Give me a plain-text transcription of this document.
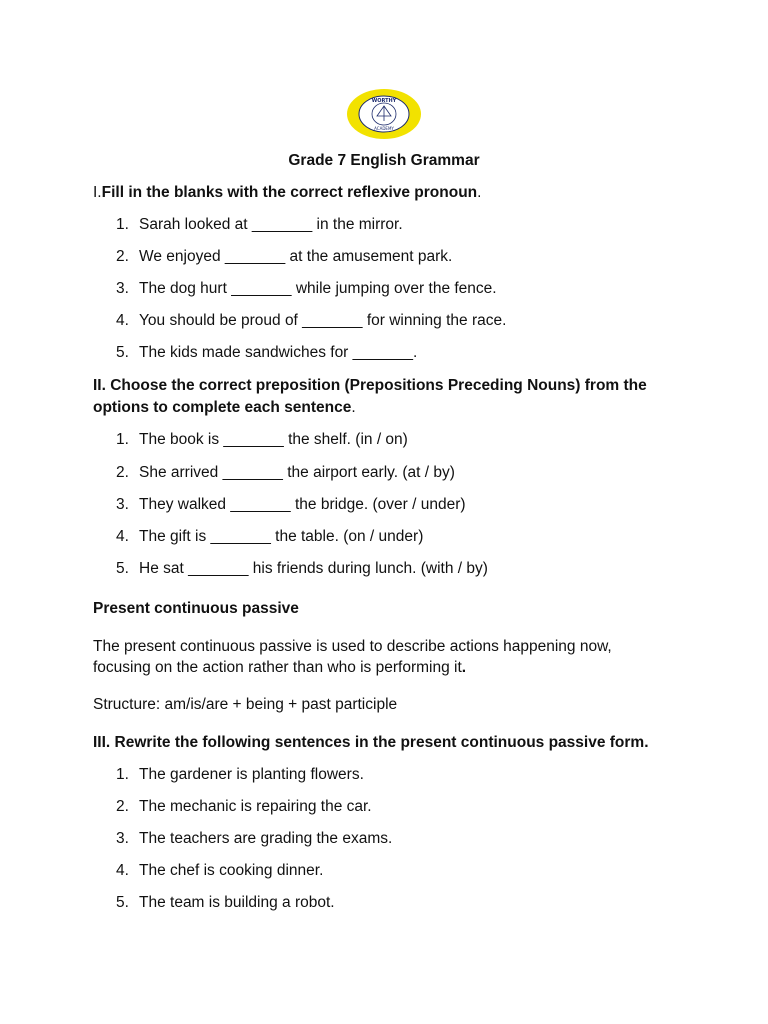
WORTHY
ACADEMY
Grade 7 English Grammar
I.Fill in the blanks with the correct reflexive pronoun.
1. Sarah looked at _______ in the mirror.
2. We enjoyed _______ at the amusement park.
3. The dog hurt _______ while jumping over the fence.
4. You should be proud of _______ for winning the race.
5. The kids made sandwiches for _______.
II. Choose the correct preposition (Prepositions Preceding Nouns) from the
options to complete each sentence.
1. The book is _______ the shelf. (in / on)
2. She arrived _______ the airport early. (at / by)
3. They walked _______ the bridge. (over / under)
4. The gift is _______ the table. (on / under)
5. He sat _______ his friends during lunch. (with / by)
Present continuous passive
The present continuous passive is used to describe actions happening now,
focusing on the action rather than who is performing it.
Structure: am/is/are + being + past participle
III. Rewrite the following sentences in the present continuous passive form.
1. The gardener is planting flowers.
2. The mechanic is repairing the car.
3. The teachers are grading the exams.
4. The chef is cooking dinner.
5. The team is building a robot.
